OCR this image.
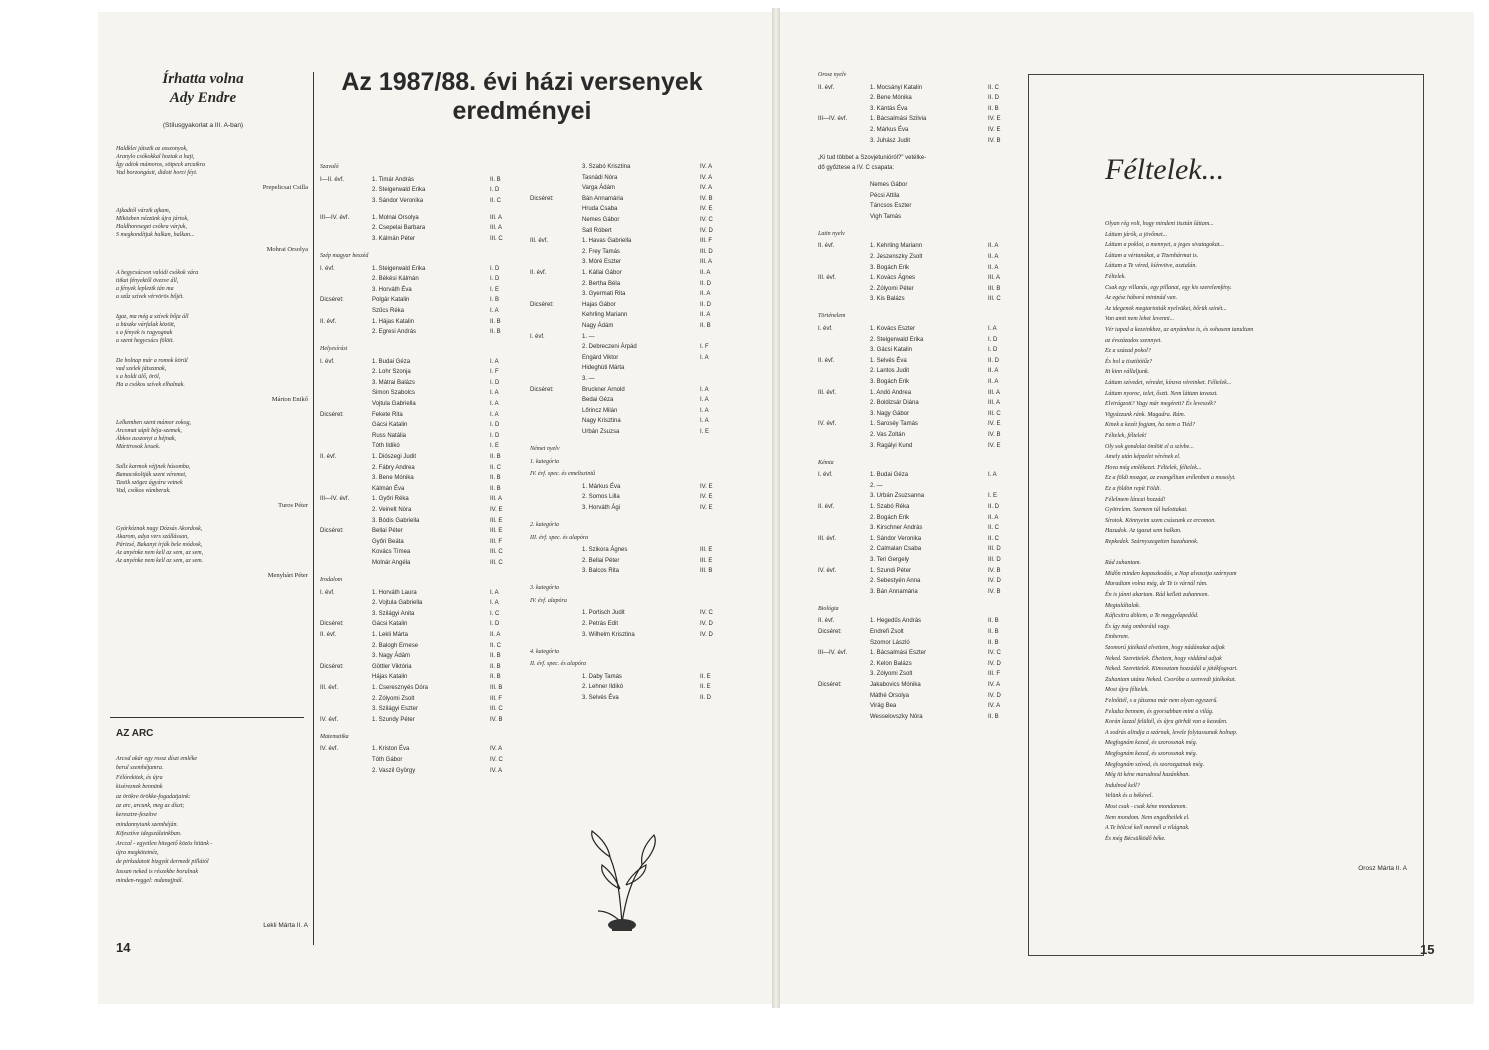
Írhatta volna
Ady Endre
(Stílusgyakorlat a III. A-ban)
Haldklei játszik az asszonyok,
Aranylo csókokkal hoztak a hajt,
Így adtok mámoros, sötpeck arcuikra
Vad borzongásit, didoti horci féyt.
Prepelicsai Csilla
Ajkadtól várzik ajkam,
Miközben nézzünk újra jártok,
Haldhoreseget csókra várjuk,
S megkondítjuk halkan, halkan...
Mohrai Orsolya
A hegycsúcson valódi csókok vára
titkai fényektől övezve áll,
a fények lepleztk tán ma
a szűz szívek vérvörös bőjét.
Igaz, ma még a szívek bőja áll
a büszke várfalak között,
s a fények is ragyognak
a szent hegycsúcs fölött.
De holnap már a romok körül
vad szelek játszanak,
s a holdi ülő, öröl,
Ha a csókos szívek elhalnak.
Márton Enikő
Lelkemben szent mámor zokog,
Arcomat sápít béja-szemek,
Ábkos asszonyi a héjnak,
Mártirosok lessek.
Sallz karmok véjjnek húsomba,
Bamacskoltják szent véremet,
Tastik szögez ágyára vetnek
Vad, csókos vámberak.
Turos Péter
Gyárkóznak nagy Dózsás Akordosk,
Akarom, adya vers szállássan,
Párizsé, Bakanyt írják bele módosk,
Az anyénke nem kell az sem, az sem,
Az anyénke nem kell az sem, az sem.
Menyhárt Péter
AZ ARC
Arcod akár egy rossz díszt emléke
berul szemhéjamra.
Félórekitek, és újra
kiséreznek bennünk
az örökre örökke-fogadatjaink:
az arc, arcunk, meg az díszt;
keresztre-feszítve
mindannyiunk szemhéján.
Kifesztíve idegszálainkban.
Arccal - egyetlen hitegető közös hitünk -
újra megkötetnéz,
de pirkadatott bizgyát dermedt pillától
Iassan neked is részekbe borulnak
minden-reggel: mdanajjnál.
Lekli Márta II. A
14
Az 1987/88. évi házi versenyek
eredményei
Szavaló
I—II. évf.	1. Timár András	II. B
2. Steigerwald Erika	I. D
3. Sándor Veronika	II. C
III—IV. évf.	1. Molnai Orsolya	III. A
2. Csepelai Barbara	III. A
3. Kálmán Péter	III. C
Szép magyar beszéd
I. évf.	1. Steigerwald Erika	I. D
2. Békési Kálmán	I. D
3. Horváth Éva	I. E
Dicséret:	Polgár Katalin	I. B
Szűcs Réka	I. A
II. évf.	1. Hájas Katalin	II. B
2. Egresi András	II. B
Helyesírási
I. évf.	1. Budai Géza	I. A
2. Lohr Szonja	I. F
3. Mátrai Balázs	I. D
Simon Szabolcs	I. A
Vojtula Gabriella	I. A
Dicséret:	Fekete Rita	I. A
Gácsi Katalin	I. D
Russ Natália	I. D
Tóth Ildikó	I. E
II. évf.	1. Diószegi Judit	II. B
2. Fábry Andrea	II. C
3. Bene Mónika	II. B
Kálmán Éva	II. B
III—IV. évf.	1. Győri Réka	III. A
2. Veinelt Nóra	IV. E
3. Bódis Gabriella	III. E
Dicséret:	Bellai Péter	III. E
Győri Beáta	III. F
Kovács Tímea	III. C
Molnár Angéla	III. C
Irodalom
I. évf.	1. Horváth Laura	I. A
2. Vojtula Gabriella	I. A
3. Szilágyi Anita	I. C
Dicséret:	Gácsi Katalin	I. D
II. évf.	1. Lekli Márta	II. A
2. Balogh Ernese	II. C
3. Nagy Ádám	II. B
Dicséret:	Göttler Viktória	II. B
Hájas Katalin	II. B
III. évf.	1. Cseresznyés Dóra	III. B
2. Zólyomi Zsolt	III. F
3. Szilágyi Eszter	III. C
IV. évf.	1. Szundy Péter	IV. B
Matematika
IV. évf.	1. Kriston Éva	IV. A
Tóth Gábor	IV. C
2. Vaszil György	IV. A
3. Szabó Krisztina	IV. A
Tasnádi Nóra	IV. A
Varga Ádám	IV. A
Dicséret:	Bán Annamária	IV. B
Hruda Csaba	IV. E
Nemes Gábor	IV. C
Sall Róbert	IV. D
III. évf.	1. Havas Gabriella	III. F
2. Frey Tamás	III. D
3. Móré Eszter	III. A
II. évf.	1. Kállai Gábor	II. A
2. Bertha Béla	II. D
3. Gyermati Rita	II. A
Dicséret:	Hajas Gábor	II. D
Kehrling Mariann	II. A
Nagy Ádám	II. B
I. évf.	1. —
2. Debreczeni Árpád	I. F
Engárd Viktor	I. A
Hideghúti Márta
3. —
Dicséret:	Bruckner Arnold	I. A
Bedai Géza	I. A
Lőrincz Milán	I. A
Nagy Krisztina	I. A
Urbán Zsuzsa	I. E
Német nyelv
1. kategória
IV. évf. spec. és emeltszintű
1. Márkus Éva	IV. E
2. Somos Lilla	IV. E
3. Horváth Ági	IV. E
2. kategória
III. évf. spec. és alapóra
1. Szikora Ágnes	III. E
2. Bellai Péter	III. E
3. Balcos Rita	III. B
3. kategória
IV. évf. alapóra
1. Portisch Judit	IV. C
2. Petrás Edit	IV. D
3. Wilhelm Krisztina	IV. D
4. kategória
II. évf. spec. és alapóra
1. Daby Tamás	II. E
2. Lehner Ildikó	II. E
3. Selvés Éva	II. D
Orosz nyelv
II. évf.	1. Mocsányi Katalin	II. C
2. Bene Mónika	II. D
3. Kántás Éva	II. B
III—IV. évf.	1. Bácsalmási Szilvia	IV. E
2. Márkus Éva	IV. E
3. Juhász Judit	IV. B
„Ki tud többet a Szovjetunióról?" vetélke-
dő győztese a IV. C csapata:
Nemes Gábor
Pécsi Attila
Táncsos Eszter
Vigh Tamás
Latin nyelv
II. évf.	1. Kehrling Mariann	II. A
2. Jeszenszky Zsolt	II. A
3. Bogách Erik	II. A
III. évf.	1. Kovács Ágnes	III. A
2. Zólyomi Péter	III. B
3. Kis Balázs	III. C
Történelem
I. évf.	1. Kovács Eszter	I. A
2. Steigerwald Erika	I. D
3. Gácsi Katalin	I. D
II. évf.	1. Selvés Éva	II. D
2. Lantos Judit	II. A
3. Bogách Erik	II. A
III. évf.	1. Andó Andrea	III. A
2. Boldizsár Diána	III. A
3. Nagy Gábor	III. C
IV. évf.	1. Saroséy Tamás	IV. E
2. Vas Zoltán	IV. B
3. Ragályi Kund	IV. E
Kémia
I. évf.	1. Budai Géza	I. A
2. —
3. Urbán Zsuzsanna	I. E
II. évf.	1. Szabó Réka	II. D
2. Bogách Erik	II. A
3. Kirschner András	II. C
III. évf.	1. Sándor Veronika	II. C
2. Calmalan Csaba	III. D
3. Teri Gergely	III. D
IV. évf.	1. Szundi Péter	IV. B
2. Sebestyén Anna	IV. D
3. Bán Annamária	IV. B
Biológia
II. évf.	1. Hegedűs András	II. B
Dicséret:	Endrefi Zsolt	II. B
Szomor László	II. B
III—IV. évf.	1. Bácsalmási Eszter	IV. C
2. Kelon Balázs	IV. D
3. Zólyomi Zsolt	III. F
Dicséret:	Jakabovics Mónika	IV. A
Máthé Orsolya	IV. D
Virág Bea	IV. A
Wesselovszky Nóra	II. B
Féltelek...
Olyan rég volt, hogy mindent tisztán láttam...
Láttam járók, a jövőmet...
Láttam a poklot, a mennyet, a jeges sivatagokat...
Láttam a vértanúkat, a Tizenhármat is.
Láttam a Te véred, kíénvitve, asztalán.
Féltelek.
Csak egy villanás, egy pillanat, egy kis szerelemfény.
Az egész háború mintnád van.
Az idegenek megtartották nyelvüket, bőrük színét...
Van amit nem lehet levenni...
Vér tapad a kezeinkhez, az anyámhoz is, és sohasem tanultam
az évszázados szennyet.
Ez a század pokol?
És hol a tisztítótűz?
Itt kinn vállaljunk.
Láttam szívedet, véredet, kínzva véreinket. Féltelek...
Láttam nyoroc, telet, ősztt. Nem láttam tavaszt.
Elvirágzott? Vagy már megérett? És leveszék?
Vigyázzunk ránk. Magadra. Rám.
Kinek a kezét fogjam, ha nem a Tiéd?
Féltelek, féltelek!
Oly sok gondolat ömlött el a szívbe...
Amely után képzelet vérének el.
Hova még emlékezet. Féltelek, féltelek...
Ez a földi mozgat, az evangélium erélenben a mosolyt.
Ez a földön repít Földi.
Félelmem láncai hozzád!
Gyötrelem. Szemem túl halottakat.
Sírotok. Könnyeim szem csúszunk ez ercomon.
Hazudok. Az igazat sem halkan.
Repkedek. Szárnyszegetten hazahanok.
Rád zuhantam.
Midőn minden kapaszkodás, a Nap alvasztja szárnyam
Maradtam volna még, de Te is várnál rám.
Én is jánni akartam. Rád kellett zuhannom.
Megtaláltalak.
Káficsitra döltem, a Te meggyőzpedőd.
És így még omboráid vagy.
Emberem.
Szomorú játékaid elvettem, hogy nádánakat adjak
Neked. Szerettelek. Éhettem, hogy viddánd adjak
Neked. Szerettelek. Kimosztam hozzádúl a játékfogvart.
Zuhantam utána Neked. Csoróba a szenvedt játékokat.
Most újra féltelek.
Felnőttél, s a játszma már nem olyan egyszerű.
Feladsz bennem, és gyorsabban mint a világ.
Korán lazzal felültél, és újra görhdt van a kezeden.
A sodrás alindja a szárnak, levele folytassanak holnap.
Megfognám kezed, és szorossnak még.
Megfognám kezed, és szorossnak még.
Megfognám szívod, és szorozgatnak még.
Még itt kéne maradnod hazánkban.
Indulnod kell?
Velünk és a békével.
Most csak - csak kéne mondanom.
Nem mondom. Nem engedhetlek el.
A Te bölcsé kell mennél a világnak.
És még Bécsülködő béke.
Orosz Márta II. A
15
